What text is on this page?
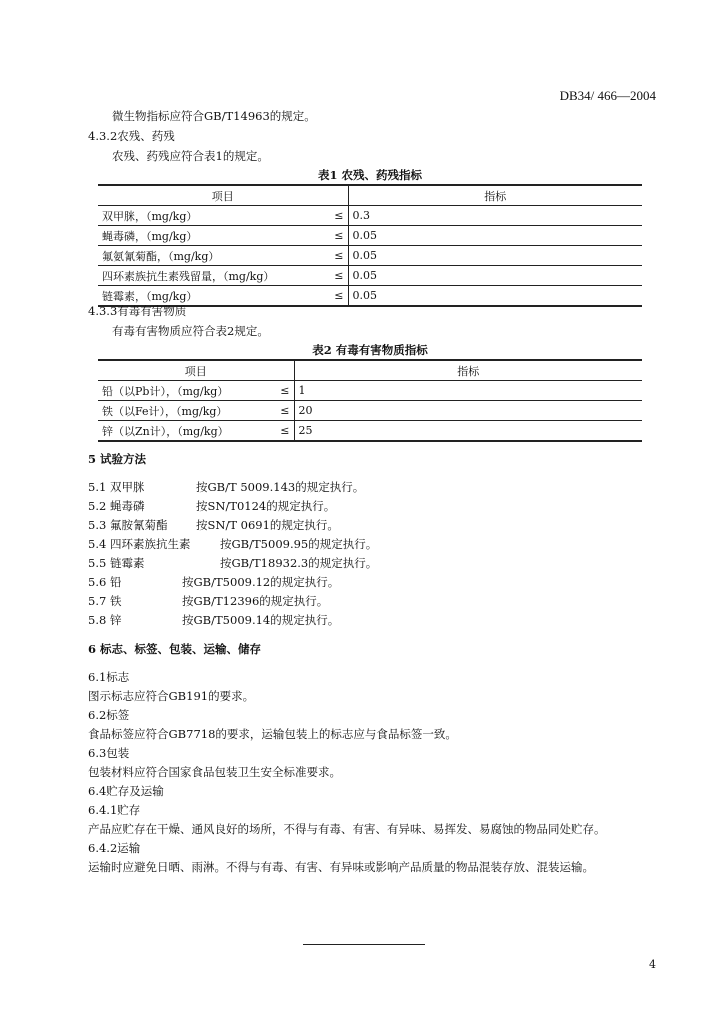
DB34/ 466—2004
微生物指标应符合GB/T14963的规定。
4.3.2农残、药残
农残、药残应符合表1的规定。
表1 农残、药残指标
项目	指标

双甲脒，（mg/kg） ≤	0.3

蝇毒磷，（mg/kg） ≤	0.05

氟氨氰菊酯，（mg/kg） ≤	0.05

四环素族抗生素残留量，（mg/kg） ≤	0.05

链霉素，（mg/kg） ≤	0.05
4.3.3有毒有害物质
有毒有害物质应符合表2规定。
表2 有毒有害物质指标
项目	指标

铅（以Pb计），（mg/kg） ≤	1

铁（以Fe计），（mg/kg） ≤	20

锌（以Zn计），（mg/kg） ≤	25
5 试验方法
5.1 双甲脒	按GB/T 5009.143的规定执行。
5.2 蝇毒磷	按SN/T0124的规定执行。
5.3 氟胺氰菊酯 按SN/T 0691的规定执行。
5.4 四环素族抗生素	按GB/T5009.95的规定执行。
5.5 链霉素	按GB/T18932.3的规定执行。
5.6 铅	按GB/T5009.12的规定执行。
5.7 铁	按GB/T12396的规定执行。
5.8 锌	按GB/T5009.14的规定执行。
6 标志、标签、包装、运输、储存
6.1标志
图示标志应符合GB191的要求。
6.2标签
食品标签应符合GB7718的要求，运输包装上的标志应与食品标签一致。
6.3包装
包装材料应符合国家食品包装卫生安全标准要求。
6.4贮存及运输
6.4.1贮存
产品应贮存在干燥、通风良好的场所，不得与有毒、有害、有异味、易挥发、易腐蚀的物品同处贮存。
6.4.2运输
运输时应避免日晒、雨淋。不得与有毒、有害、有异味或影响产品质量的物品混装存放、混装运输。
4
